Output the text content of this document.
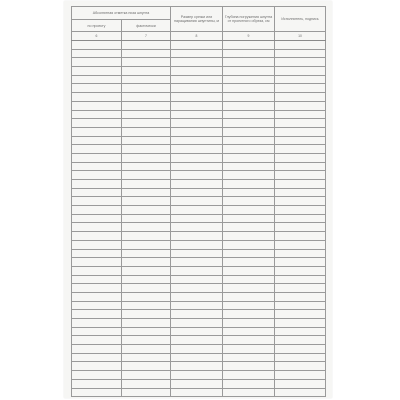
Абсолютная отметка низа шпунта		Размер срезки или наращивания шпунтины, м	Глубина погружения шпунта от проектного обреза, см	Исполнитель, подпись
по проекту	фактически			
6	7	8	9	10
